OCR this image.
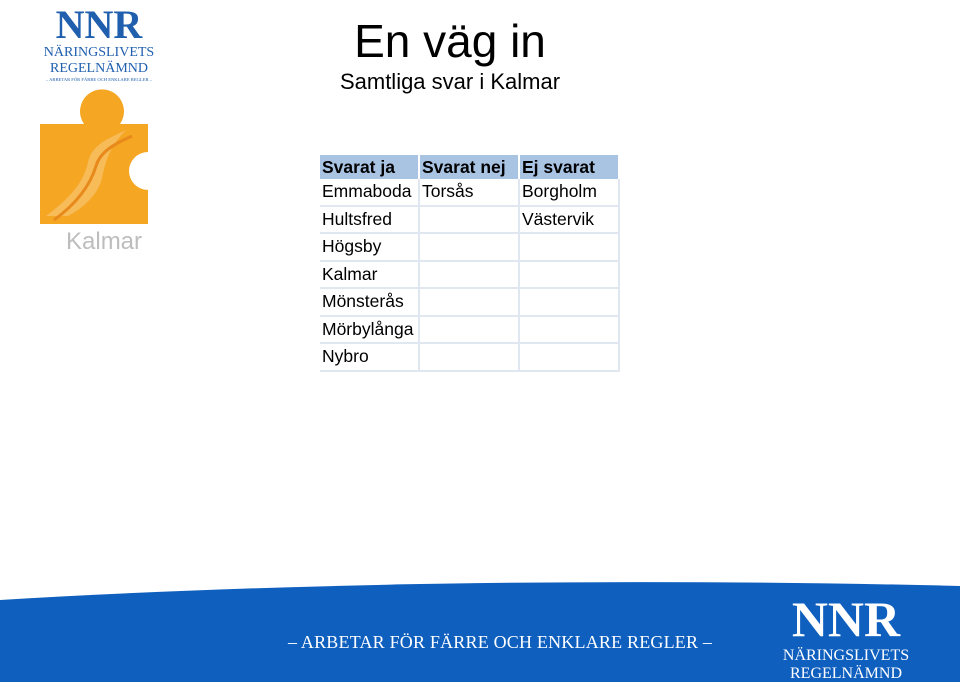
NNR
NÄRINGSLIVETS
REGELNÄMND
– ARBETAR FÖR FÄRRE OCH ENKLARE REGLER –
Kalmar
En väg in
Samtliga svar i Kalmar
Svarat ja	Svarat nej	Ej svarat
Emmaboda	Torsås	Borgholm
Hultsfred		Västervik
Högsby		
Kalmar		
Mönsterås		
Mörbylånga		
Nybro		
– ARBETAR FÖR FÄRRE OCH ENKLARE REGLER – NNR
NÄRINGSLIVETS
REGELNÄMND
